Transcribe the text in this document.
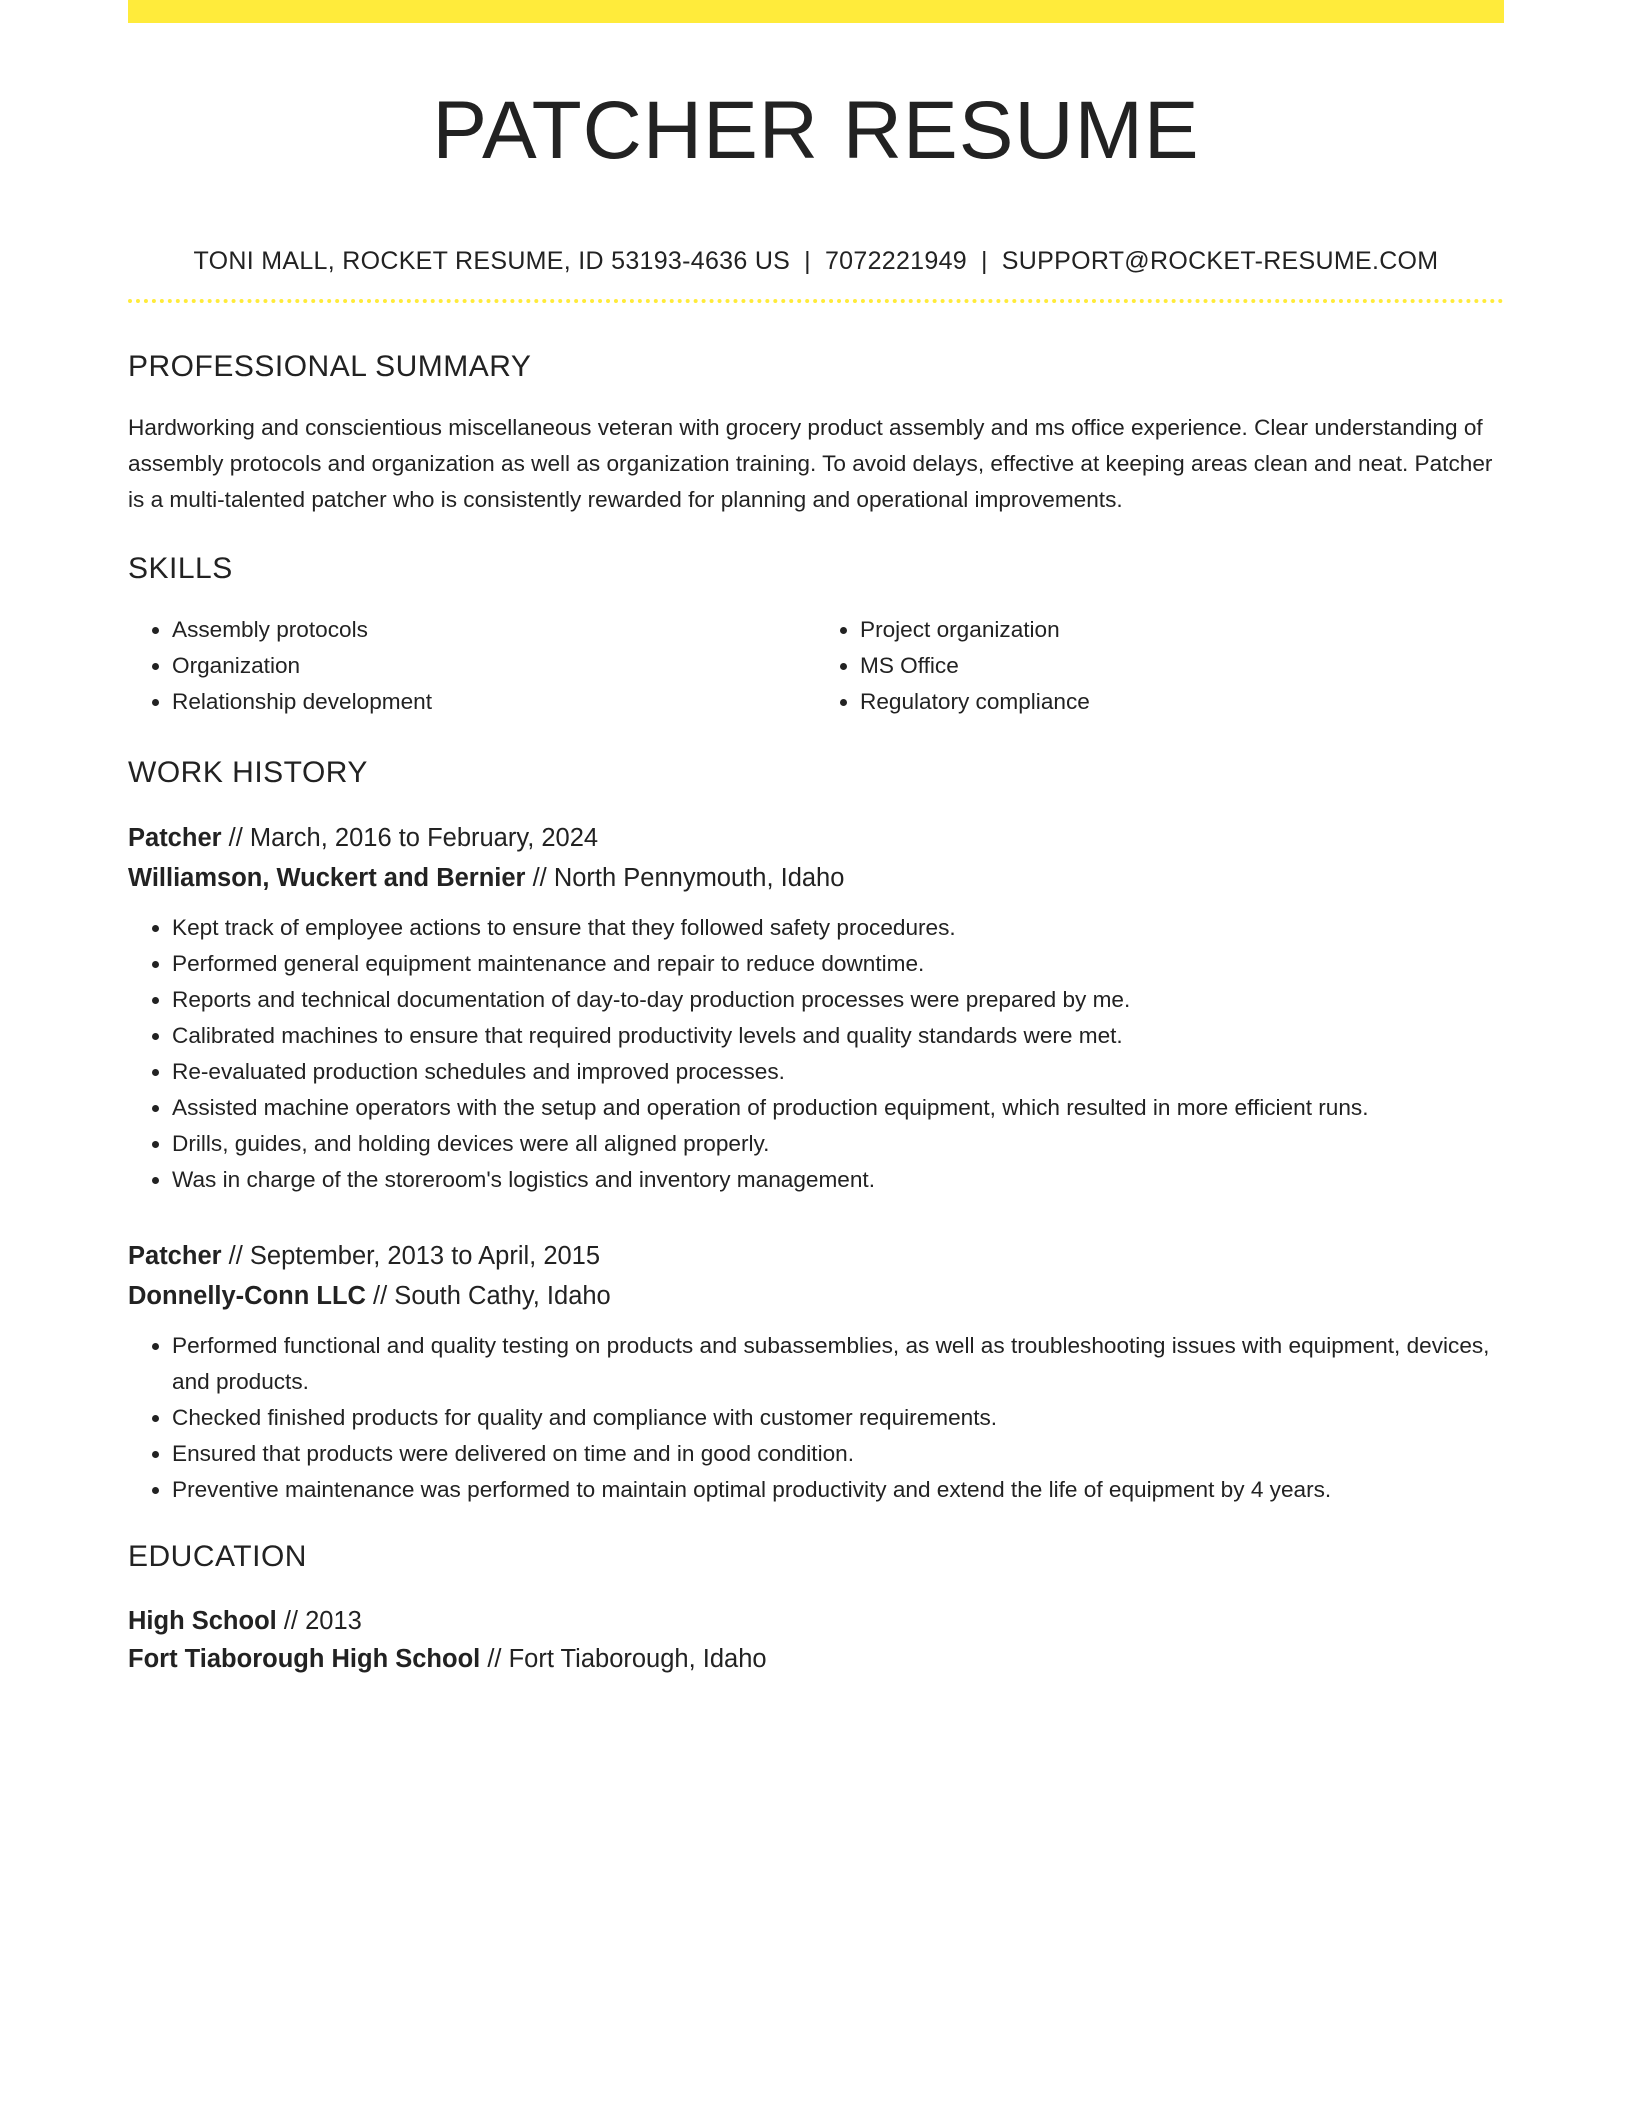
PATCHER RESUME
TONI MALL, ROCKET RESUME, ID 53193-4636 US | 7072221949 | SUPPORT@ROCKET-RESUME.COM
PROFESSIONAL SUMMARY

Hardworking and conscientious miscellaneous veteran with grocery product assembly and ms office experience. Clear understanding of assembly protocols and organization as well as organization training. To avoid delays, effective at keeping areas clean and neat. Patcher is a multi-talented patcher who is consistently rewarded for planning and operational improvements.

SKILLS
• Assembly protocols
• Organization
• Relationship development
• Project organization
• MS Office
• Regulatory compliance
WORK HISTORY
Patcher // March, 2016 to February, 2024
Williamson, Wuckert and Bernier // North Pennymouth, Idaho
• Kept track of employee actions to ensure that they followed safety procedures.
• Performed general equipment maintenance and repair to reduce downtime.
• Reports and technical documentation of day-to-day production processes were prepared by me.
• Calibrated machines to ensure that required productivity levels and quality standards were met.
• Re-evaluated production schedules and improved processes.
• Assisted machine operators with the setup and operation of production equipment, which resulted in more efficient runs.
• Drills, guides, and holding devices were all aligned properly.
• Was in charge of the storeroom's logistics and inventory management.
Patcher // September, 2013 to April, 2015
Donnelly-Conn LLC // South Cathy, Idaho
• Performed functional and quality testing on products and subassemblies, as well as troubleshooting issues with equipment, devices, and products.
• Checked finished products for quality and compliance with customer requirements.
• Ensured that products were delivered on time and in good condition.
• Preventive maintenance was performed to maintain optimal productivity and extend the life of equipment by 4 years.
EDUCATION
High School // 2013
Fort Tiaborough High School // Fort Tiaborough, Idaho
